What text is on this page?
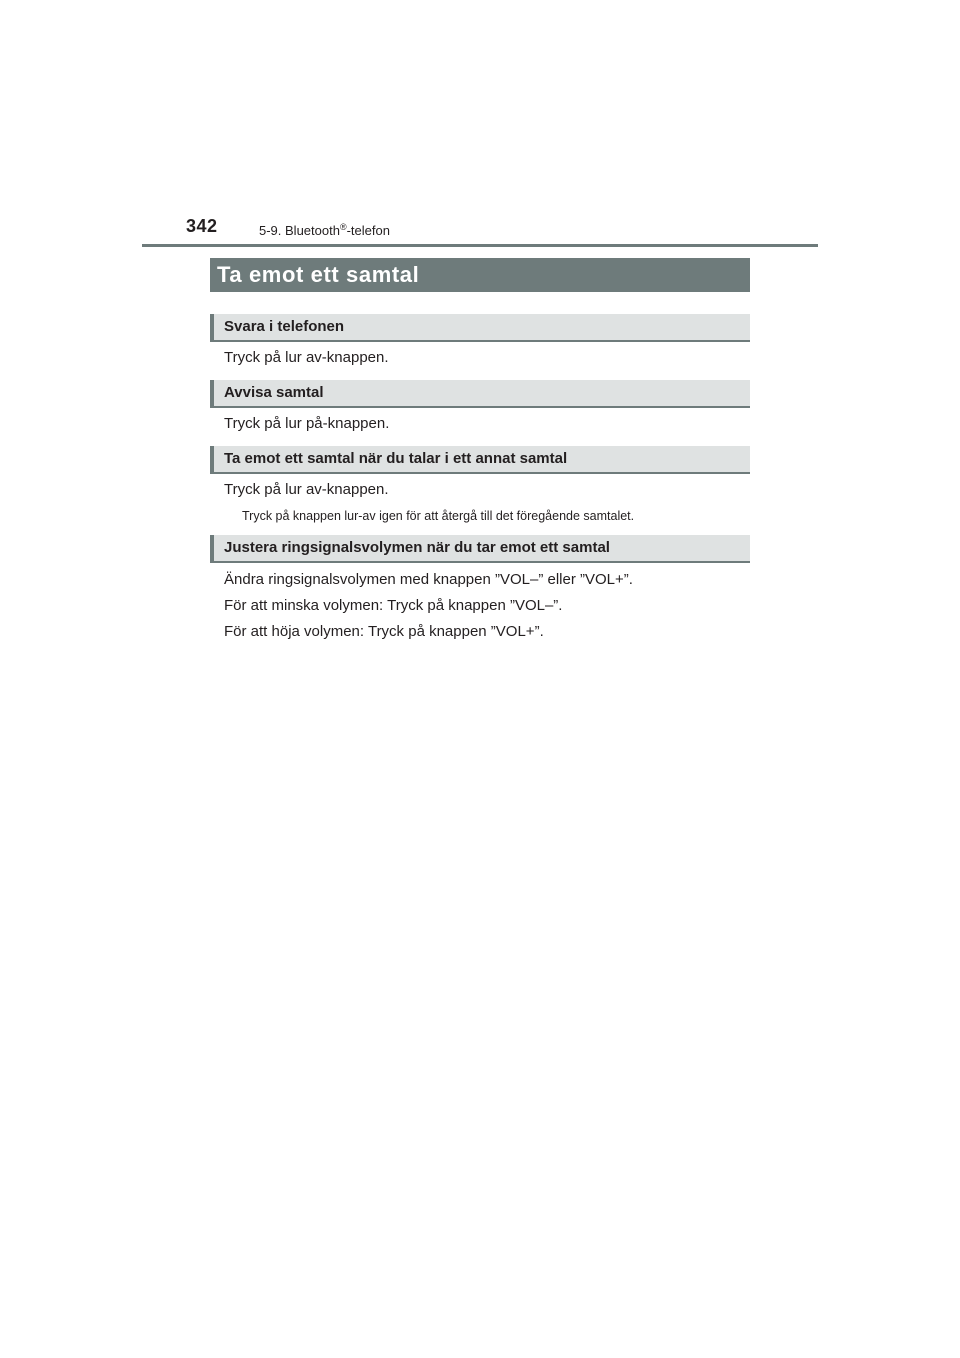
342	5-9. Bluetooth®-telefon
Ta emot ett samtal
Svara i telefonen
Tryck på lur av-knappen.
Avvisa samtal
Tryck på lur på-knappen.
Ta emot ett samtal när du talar i ett annat samtal
Tryck på lur av-knappen.
Tryck på knappen lur-av igen för att återgå till det föregående samtalet.
Justera ringsignalsvolymen när du tar emot ett samtal
Ändra ringsignalsvolymen med knappen ”VOL–” eller ”VOL+”.
För att minska volymen: Tryck på knappen ”VOL–”.
För att höja volymen: Tryck på knappen ”VOL+”.
